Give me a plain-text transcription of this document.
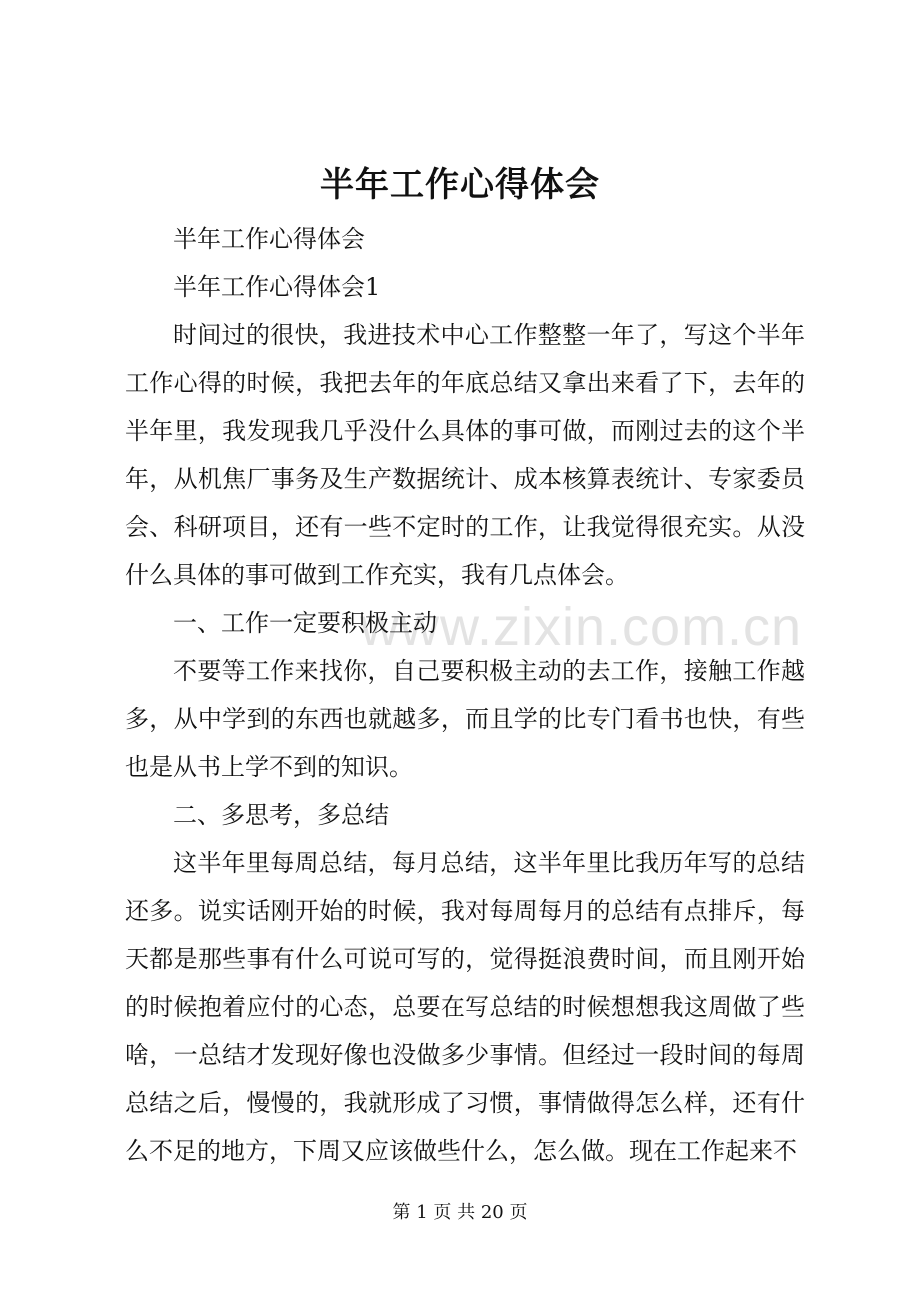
www.zixin.com.cn
半年工作心得体会

半年工作心得体会

半年工作心得体会1

时间过的很快，我进技术中心工作整整一年了，写这个半年工作心得的时候，我把去年的年底总结又拿出来看了下，去年的半年里，我发现我几乎没什么具体的事可做，而刚过去的这个半年，从机焦厂事务及生产数据统计、成本核算表统计、专家委员会、科研项目，还有一些不定时的工作，让我觉得很充实。从没什么具体的事可做到工作充实，我有几点体会。

一、工作一定要积极主动

不要等工作来找你，自己要积极主动的去工作，接触工作越多，从中学到的东西也就越多，而且学的比专门看书也快，有些也是从书上学不到的知识。

二、多思考，多总结

这半年里每周总结，每月总结，这半年里比我历年写的总结还多。说实话刚开始的时候，我对每周每月的总结有点排斥，每天都是那些事有什么可说可写的，觉得挺浪费时间，而且刚开始的时候抱着应付的心态，总要在写总结的时候想想我这周做了些啥，一总结才发现好像也没做多少事情。但经过一段时间的每周总结之后，慢慢的，我就形成了习惯，事情做得怎么样，还有什么不足的地方，下周又应该做些什么，怎么做。现在工作起来不

第 1 页 共 20 页
